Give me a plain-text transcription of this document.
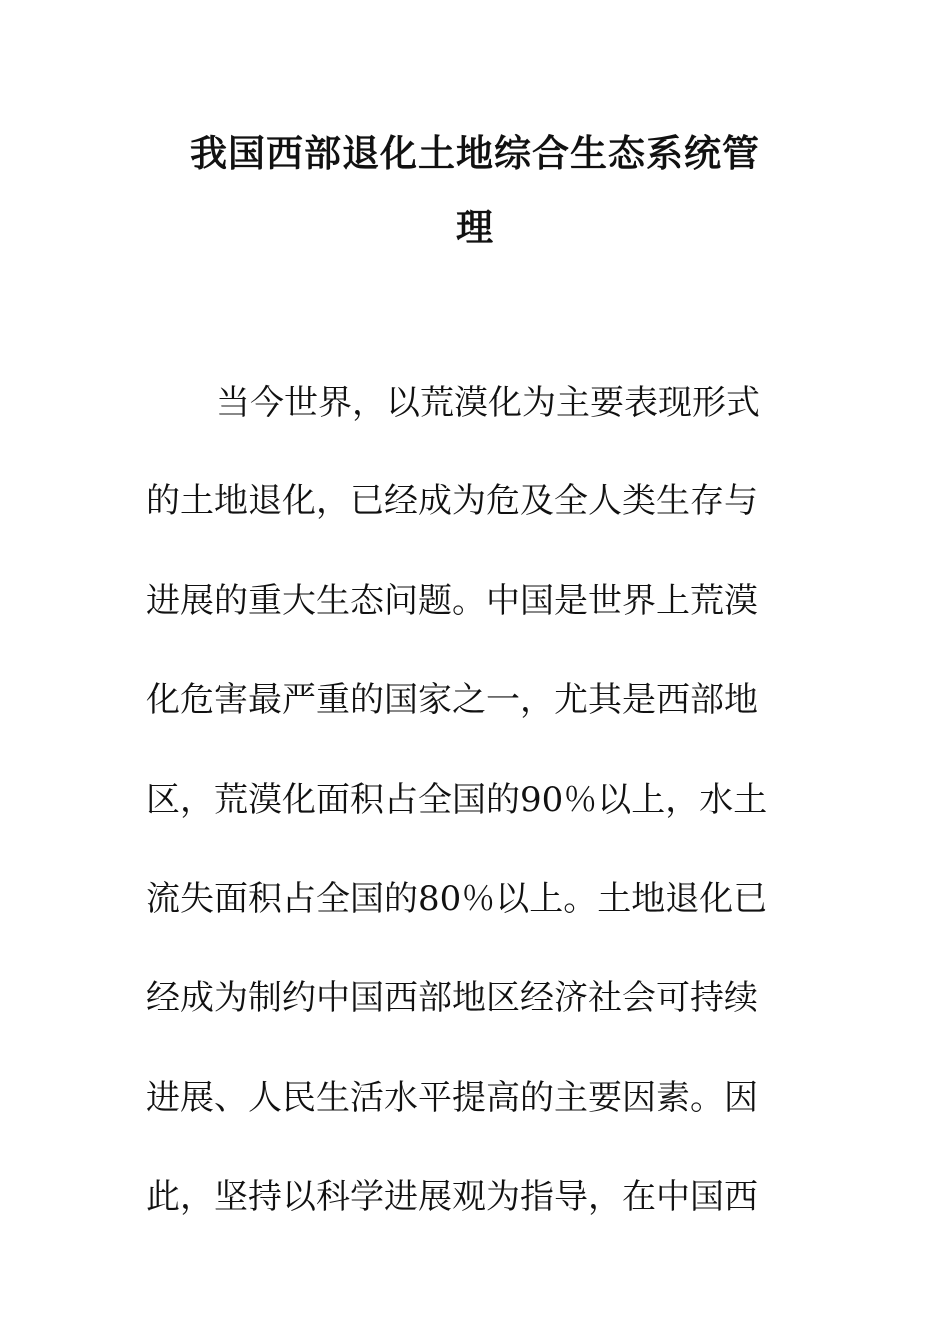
我国西部退化土地综合生态系统管
理
当今世界，以荒漠化为主要表现形式
的土地退化，已经成为危及全人类生存与
进展的重大生态问题。中国是世界上荒漠
化危害最严重的国家之一，尤其是西部地
区，荒漠化面积占全国的90％以上，水土
流失面积占全国的80％以上。土地退化已
经成为制约中国西部地区经济社会可持续
进展、人民生活水平提高的主要因素。因
此，坚持以科学进展观为指导，在中国西
